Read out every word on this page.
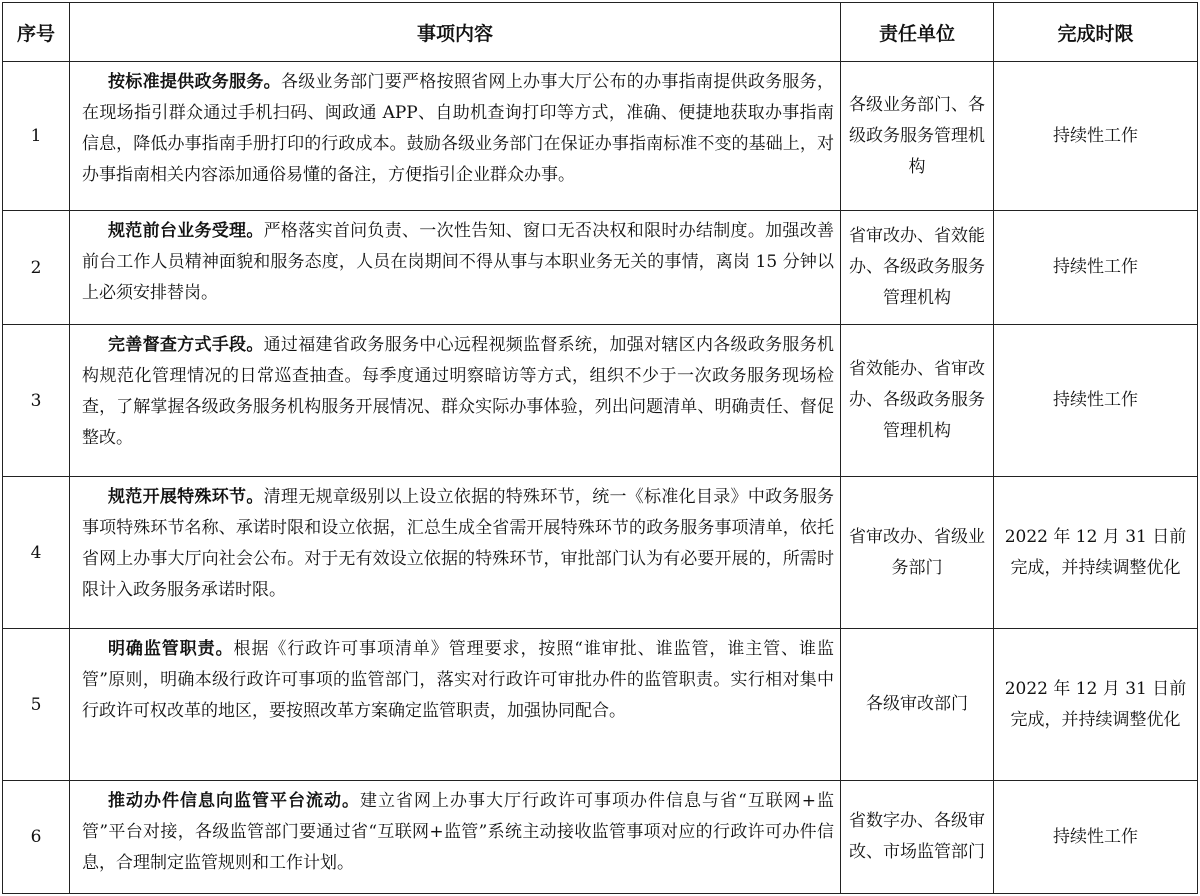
序号	事项内容	责任单位	完成时限
1	按标准提供政务服务。各级业务部门要严格按照省网上办事大厅公布的办事指南提供政务服务，在现场指引群众通过手机扫码、闽政通 APP、自助机查询打印等方式，准确、便捷地获取办事指南信息，降低办事指南手册打印的行政成本。鼓励各级业务部门在保证办事指南标准不变的基础上，对办事指南相关内容添加通俗易懂的备注，方便指引企业群众办事。	各级业务部门、各级政务服务管理机构	持续性工作
2	规范前台业务受理。严格落实首问负责、一次性告知、窗口无否决权和限时办结制度。加强改善前台工作人员精神面貌和服务态度，人员在岗期间不得从事与本职业务无关的事情，离岗 15 分钟以上必须安排替岗。	省审改办、省效能办、各级政务服务管理机构	持续性工作
3	完善督查方式手段。通过福建省政务服务中心远程视频监督系统，加强对辖区内各级政务服务机构规范化管理情况的日常巡查抽查。每季度通过明察暗访等方式，组织不少于一次政务服务现场检查，了解掌握各级政务服务机构服务开展情况、群众实际办事体验，列出问题清单、明确责任、督促整改。	省效能办、省审改办、各级政务服务管理机构	持续性工作
4	规范开展特殊环节。清理无规章级别以上设立依据的特殊环节，统一《标准化目录》中政务服务事项特殊环节名称、承诺时限和设立依据，汇总生成全省需开展特殊环节的政务服务事项清单，依托省网上办事大厅向社会公布。对于无有效设立依据的特殊环节，审批部门认为有必要开展的，所需时限计入政务服务承诺时限。	省审改办、省级业务部门	2022 年 12 月 31 日前完成，并持续调整优化
5	明确监管职责。根据《行政许可事项清单》管理要求，按照“谁审批、谁监管，谁主管、谁监管”原则，明确本级行政许可事项的监管部门，落实对行政许可审批办件的监管职责。实行相对集中行政许可权改革的地区，要按照改革方案确定监管职责，加强协同配合。	各级审改部门	2022 年 12 月 31 日前完成，并持续调整优化
6	推动办件信息向监管平台流动。建立省网上办事大厅行政许可事项办件信息与省“互联网+监管”平台对接，各级监管部门要通过省“互联网+监管”系统主动接收监管事项对应的行政许可办件信息，合理制定监管规则和工作计划。	省数字办、各级审改、市场监管部门	持续性工作
